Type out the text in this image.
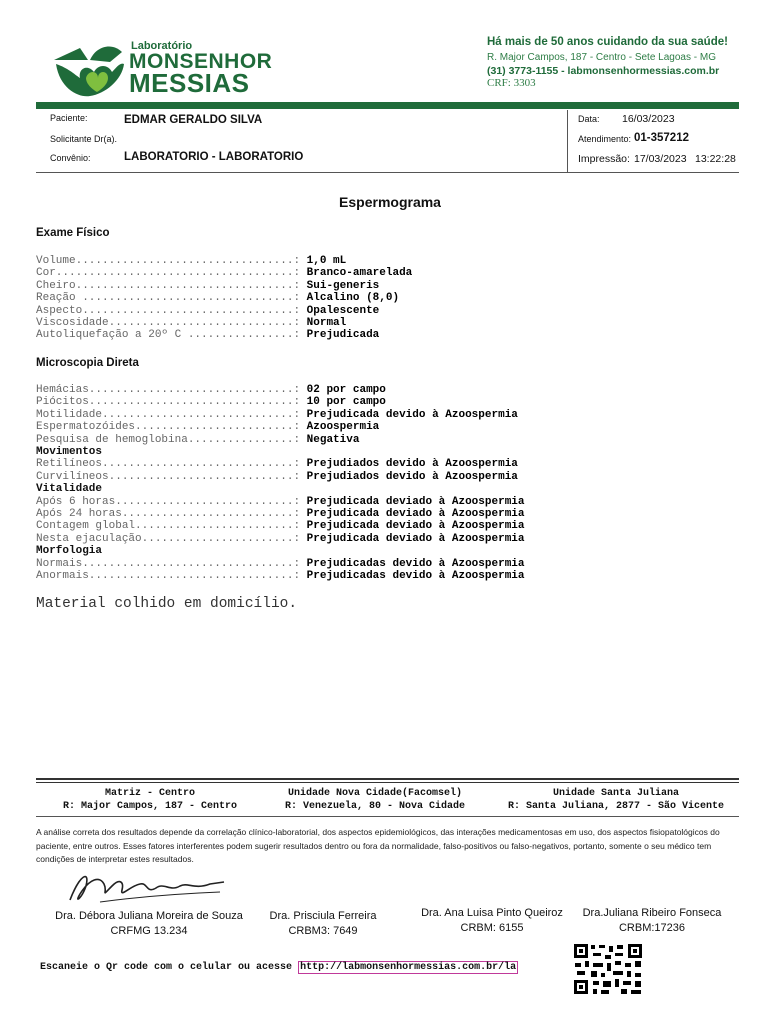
Laboratório
MONSENHOR
MESSIAS
Há mais de 50 anos cuidando da sua saúde!
R. Major Campos, 187 - Centro - Sete Lagoas - MG
(31) 3773-1155 - labmonsenhormessias.com.br
CRF: 3303
Paciente:	EDMAR GERALDO SILVA
Solicitante Dr(a).
Convênio:	LABORATORIO - LABORATORIO
Data: 16/03/2023
Atendimento: 01-357212
Impressão: 17/03/2023 13:22:28
Espermograma
Exame Físico
Volume.................................: 1,0 mL
Cor....................................: Branco-amarelada
Cheiro.................................: Sui-generis
Reação ................................: Alcalino (8,0)
Aspecto................................: Opalescente
Viscosidade............................: Normal
Autoliquefação a 20º C ................: Prejudicada
Microscopia Direta
Hemácias...............................: 02 por campo
Piócitos...............................: 10 por campo
Motilidade.............................: Prejudicada devido à Azoospermia
Espermatozóides........................: Azoospermia
Pesquisa de hemoglobina................: Negativa
Movimentos
Retilíneos.............................: Prejudiados devido à Azoospermia
Curvilíneos............................: Prejudiados devido à Azoospermia
Vitalidade
Após 6 horas...........................: Prejudicada deviado à Azoospermia
Após 24 horas..........................: Prejudicada deviado à Azoospermia
Contagem global........................: Prejudicada deviado à Azoospermia
Nesta ejaculação.......................: Prejudicada deviado à Azoospermia
Morfologia
Normais................................: Prejudicadas devido à Azoospermia
Anormais...............................: Prejudicadas devido à Azoospermia
Material colhido em domicílio.
Matriz - Centro
R: Major Campos, 187 - Centro
Unidade Nova Cidade(Facomsel)
R: Venezuela, 80 - Nova Cidade
Unidade Santa Juliana
R: Santa Juliana, 2877 - São Vicente
A análise correta dos resultados depende da correlação clínico-laboratorial, dos aspectos epidemiológicos, das interações medicamentosas em uso, dos aspectos fisiopatológicos do paciente, entre outros. Esses fatores interferentes podem sugerir resultados dentro ou fora da normalidade, falso-positivos ou falso-negativos, portanto, somente o seu médico tem condições de interpretar estes resultados.
Dra. Débora Juliana Moreira de Souza
CRFMG 13.234
Dra. Prisciula Ferreira
CRBM3: 7649
Dra. Ana Luisa Pinto Queiroz
CRBM: 6155
Dra.Juliana Ribeiro Fonseca
CRBM:17236
Escaneie o Qr code com o celular ou acesse http://labmonsenhormessias.com.br/la
